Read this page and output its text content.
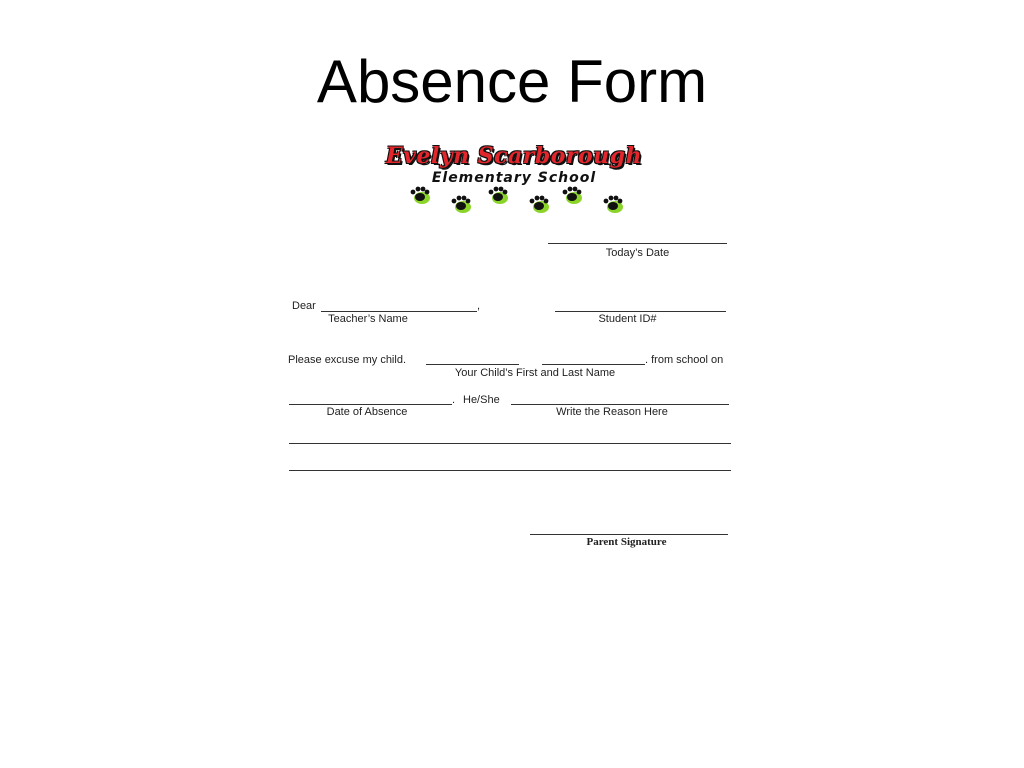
Absence Form
Evelyn Scarborough
Elementary School
Today’s Date
Dear	,
Teacher’s Name	Student ID#
Please excuse my child.	. from school on
Your Child’s First and Last Name
. He/She
Date of Absence	Write the Reason Here
Parent Signature
